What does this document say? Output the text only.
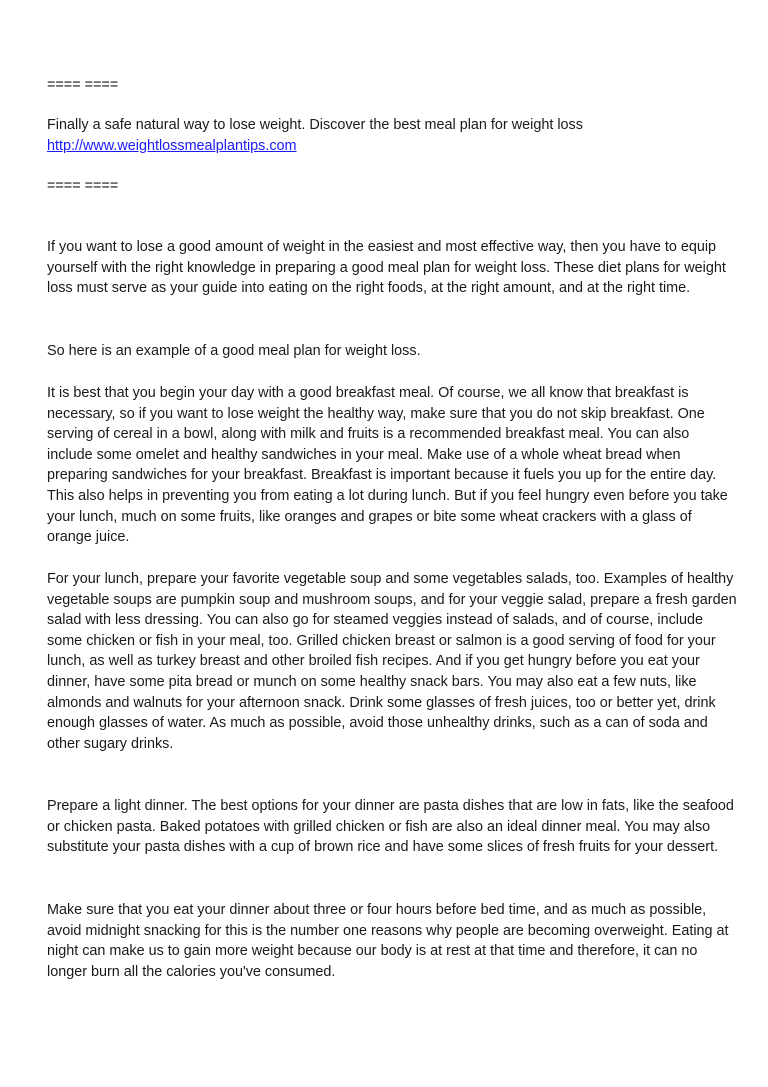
==== ====

Finally a safe natural way to lose weight. Discover the best meal plan for weight loss
http://www.weightlossmealplantips.com

==== ====

If you want to lose a good amount of weight in the easiest and most effective way, then you have to equip yourself with the right knowledge in preparing a good meal plan for weight loss. These diet plans for weight loss must serve as your guide into eating on the right foods, at the right amount, and at the right time.

So here is an example of a good meal plan for weight loss.

It is best that you begin your day with a good breakfast meal. Of course, we all know that breakfast is necessary, so if you want to lose weight the healthy way, make sure that you do not skip breakfast. One serving of cereal in a bowl, along with milk and fruits is a recommended breakfast meal. You can also include some omelet and healthy sandwiches in your meal. Make use of a whole wheat bread when preparing sandwiches for your breakfast. Breakfast is important because it fuels you up for the entire day. This also helps in preventing you from eating a lot during lunch. But if you feel hungry even before you take your lunch, much on some fruits, like oranges and grapes or bite some wheat crackers with a glass of orange juice.

For your lunch, prepare your favorite vegetable soup and some vegetables salads, too. Examples of healthy vegetable soups are pumpkin soup and mushroom soups, and for your veggie salad, prepare a fresh garden salad with less dressing. You can also go for steamed veggies instead of salads, and of course, include some chicken or fish in your meal, too. Grilled chicken breast or salmon is a good serving of food for your lunch, as well as turkey breast and other broiled fish recipes. And if you get hungry before you eat your dinner, have some pita bread or munch on some healthy snack bars. You may also eat a few nuts, like almonds and walnuts for your afternoon snack. Drink some glasses of fresh juices, too or better yet, drink enough glasses of water. As much as possible, avoid those unhealthy drinks, such as a can of soda and other sugary drinks.

Prepare a light dinner. The best options for your dinner are pasta dishes that are low in fats, like the seafood or chicken pasta. Baked potatoes with grilled chicken or fish are also an ideal dinner meal. You may also substitute your pasta dishes with a cup of brown rice and have some slices of fresh fruits for your dessert.

Make sure that you eat your dinner about three or four hours before bed time, and as much as possible, avoid midnight snacking for this is the number one reasons why people are becoming overweight. Eating at night can make us to gain more weight because our body is at rest at that time and therefore, it can no longer burn all the calories you've consumed.
